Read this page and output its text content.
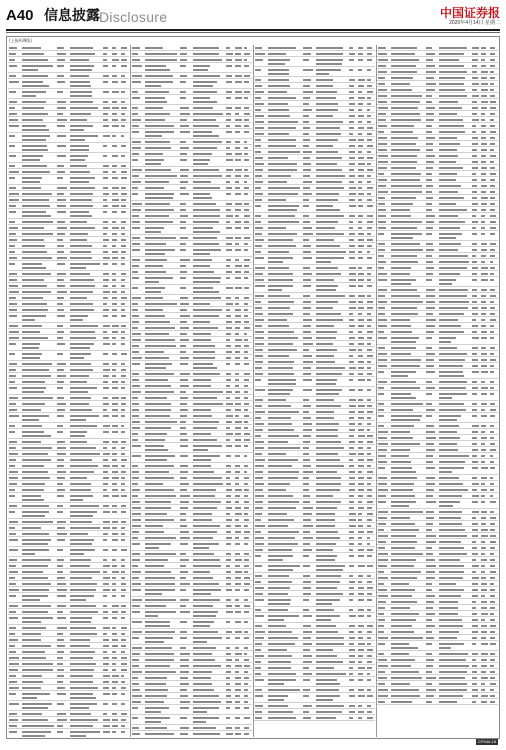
A40 信息披露 Disclosure	中国证券报
2020年4月14日 星期二
(上接A39版)
CFS40-18
